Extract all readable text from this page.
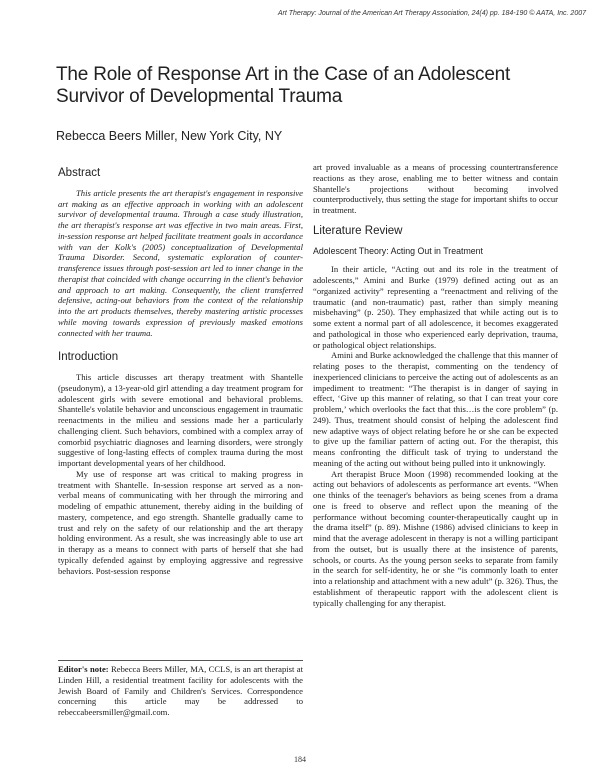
Art Therapy: Journal of the American Art Therapy Association, 24(4) pp. 184-190 © AATA, Inc. 2007
The Role of Response Art in the Case of an Adolescent Survivor of Developmental Trauma
Rebecca Beers Miller, New York City, NY
Abstract

This article presents the art therapist's engagement in responsive art making as an effective approach in working with an adolescent survivor of developmental trauma. Through a case study illustration, the art therapist's response art was effective in two main areas. First, in-session response art helped facilitate treatment goals in accordance with van der Kolk's (2005) conceptualization of Developmental Trauma Disorder. Second, systematic exploration of counter-transference issues through post-session art led to inner change in the therapist that coincided with change occurring in the client's behavior and approach to art making. Consequently, the client transferred defensive, acting-out behaviors from the context of the relationship into the art products themselves, thereby mastering artistic processes while moving towards expression of previously masked emotions connected with her trauma.

Introduction

This article discusses art therapy treatment with Shantelle (pseudonym), a 13-year-old girl attending a day treatment program for adolescent girls with severe emotional and behavioral problems. Shantelle's volatile behavior and unconscious engagement in traumatic reenactments in the milieu and sessions made her a particularly challenging client. Such behaviors, combined with a complex array of comorbid psychiatric diagnoses and learning disorders, were strongly suggestive of long-lasting effects of complex trauma during the most important developmental years of her childhood.

My use of response art was critical to making progress in treatment with Shantelle. In-session response art served as a non-verbal means of communicating with her through the mirroring and modeling of empathic attunement, thereby aiding in the building of mastery, competence, and ego strength. Shantelle gradually came to trust and rely on the safety of our relationship and the art therapy holding environment. As a result, she was increasingly able to use art in therapy as a means to connect with parts of herself that she had typically defended against by employing aggressive and regressive behaviors. Post-session response

Editor's note: Rebecca Beers Miller, MA, CCLS, is an art therapist at Linden Hill, a residential treatment facility for adolescents with the Jewish Board of Family and Children's Services. Correspondence concerning this article may be addressed to rebeccabeersmiller@gmail.com.

art proved invaluable as a means of processing countertransference reactions as they arose, enabling me to better witness and contain Shantelle's projections without becoming involved counterproductively, thus setting the stage for important shifts to occur in treatment.

Literature Review
Adolescent Theory: Acting Out in Treatment

In their article, “Acting out and its role in the treatment of adolescents,” Amini and Burke (1979) defined acting out as an “organized activity” representing a “reenactment and reliving of the traumatic (and non-traumatic) past, rather than simply meaning misbehaving” (p. 250). They emphasized that while acting out is to some extent a normal part of all adolescence, it becomes exaggerated and pathological in those who experienced early deprivation, trauma, or pathological object relationships.

Amini and Burke acknowledged the challenge that this manner of relating poses to the therapist, commenting on the tendency of inexperienced clinicians to perceive the acting out of adolescents as an impediment to treatment: “The therapist is in danger of saying in effect, ‘Give up this manner of relating, so that I can treat your core problem,’ which overlooks the fact that this…is the core problem” (p. 249). Thus, treatment should consist of helping the adolescent find new adaptive ways of object relating before he or she can be expected to give up the familiar pattern of acting out. For the therapist, this means confronting the difficult task of trying to understand the meaning of the acting out without being pulled into it unknowingly.

Art therapist Bruce Moon (1998) recommended looking at the acting out behaviors of adolescents as performance art events. “When one thinks of the teenager's behaviors as being scenes from a drama one is freed to observe and reflect upon the meaning of the performance without becoming counter-therapeutically caught up in the drama itself” (p. 89). Mishne (1986) advised clinicians to keep in mind that the average adolescent in therapy is not a willing participant from the outset, but is usually there at the insistence of parents, schools, or courts. As the young person seeks to separate from family in the search for self-identity, he or she “is commonly loath to enter into a relationship and attachment with a new adult” (p. 326). Thus, the establishment of therapeutic rapport with the adolescent client is typically challenging for any therapist.

184
